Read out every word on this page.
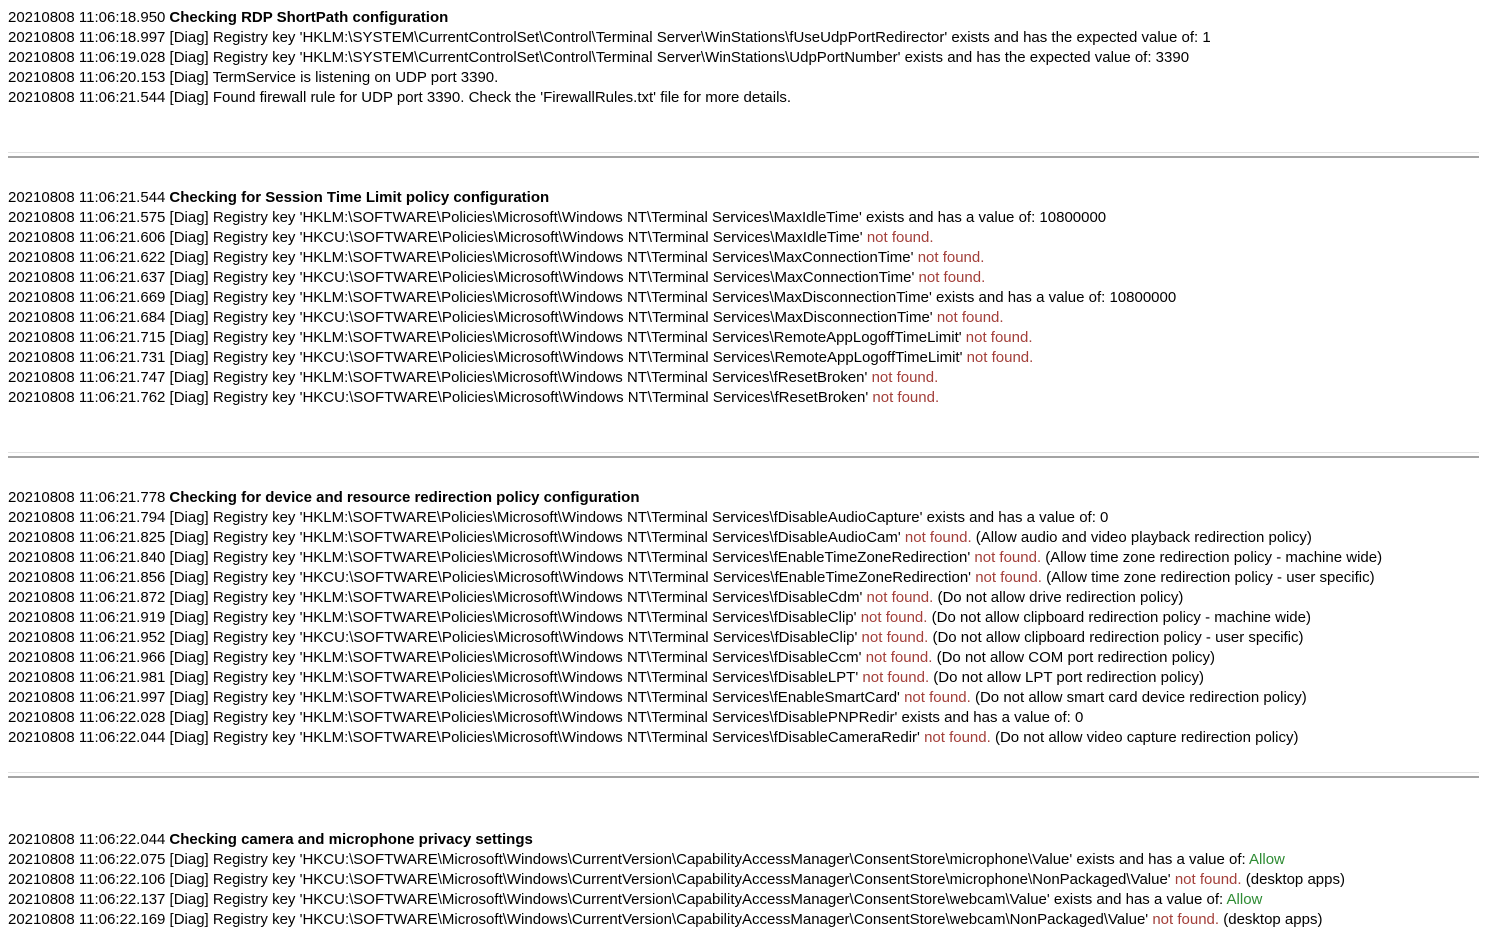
20210808 11:06:18.950 Checking RDP ShortPath configuration
20210808 11:06:18.997 [Diag] Registry key 'HKLM:\SYSTEM\CurrentControlSet\Control\Terminal Server\WinStations\fUseUdpPortRedirector' exists and has the expected value of: 1
20210808 11:06:19.028 [Diag] Registry key 'HKLM:\SYSTEM\CurrentControlSet\Control\Terminal Server\WinStations\UdpPortNumber' exists and has the expected value of: 3390
20210808 11:06:20.153 [Diag] TermService is listening on UDP port 3390.
20210808 11:06:21.544 [Diag] Found firewall rule for UDP port 3390. Check the 'FirewallRules.txt' file for more details.
20210808 11:06:21.544 Checking for Session Time Limit policy configuration
20210808 11:06:21.575 [Diag] Registry key 'HKLM:\SOFTWARE\Policies\Microsoft\Windows NT\Terminal Services\MaxIdleTime' exists and has a value of: 10800000
20210808 11:06:21.606 [Diag] Registry key 'HKCU:\SOFTWARE\Policies\Microsoft\Windows NT\Terminal Services\MaxIdleTime' not found.
20210808 11:06:21.622 [Diag] Registry key 'HKLM:\SOFTWARE\Policies\Microsoft\Windows NT\Terminal Services\MaxConnectionTime' not found.
20210808 11:06:21.637 [Diag] Registry key 'HKCU:\SOFTWARE\Policies\Microsoft\Windows NT\Terminal Services\MaxConnectionTime' not found.
20210808 11:06:21.669 [Diag] Registry key 'HKLM:\SOFTWARE\Policies\Microsoft\Windows NT\Terminal Services\MaxDisconnectionTime' exists and has a value of: 10800000
20210808 11:06:21.684 [Diag] Registry key 'HKCU:\SOFTWARE\Policies\Microsoft\Windows NT\Terminal Services\MaxDisconnectionTime' not found.
20210808 11:06:21.715 [Diag] Registry key 'HKLM:\SOFTWARE\Policies\Microsoft\Windows NT\Terminal Services\RemoteAppLogoffTimeLimit' not found.
20210808 11:06:21.731 [Diag] Registry key 'HKCU:\SOFTWARE\Policies\Microsoft\Windows NT\Terminal Services\RemoteAppLogoffTimeLimit' not found.
20210808 11:06:21.747 [Diag] Registry key 'HKLM:\SOFTWARE\Policies\Microsoft\Windows NT\Terminal Services\fResetBroken' not found.
20210808 11:06:21.762 [Diag] Registry key 'HKCU:\SOFTWARE\Policies\Microsoft\Windows NT\Terminal Services\fResetBroken' not found.
20210808 11:06:21.778 Checking for device and resource redirection policy configuration
20210808 11:06:21.794 [Diag] Registry key 'HKLM:\SOFTWARE\Policies\Microsoft\Windows NT\Terminal Services\fDisableAudioCapture' exists and has a value of: 0
20210808 11:06:21.825 [Diag] Registry key 'HKLM:\SOFTWARE\Policies\Microsoft\Windows NT\Terminal Services\fDisableAudioCam' not found. (Allow audio and video playback redirection policy)
20210808 11:06:21.840 [Diag] Registry key 'HKLM:\SOFTWARE\Policies\Microsoft\Windows NT\Terminal Services\fEnableTimeZoneRedirection' not found. (Allow time zone redirection policy - machine wide)
20210808 11:06:21.856 [Diag] Registry key 'HKCU:\SOFTWARE\Policies\Microsoft\Windows NT\Terminal Services\fEnableTimeZoneRedirection' not found. (Allow time zone redirection policy - user specific)
20210808 11:06:21.872 [Diag] Registry key 'HKLM:\SOFTWARE\Policies\Microsoft\Windows NT\Terminal Services\fDisableCdm' not found. (Do not allow drive redirection policy)
20210808 11:06:21.919 [Diag] Registry key 'HKLM:\SOFTWARE\Policies\Microsoft\Windows NT\Terminal Services\fDisableClip' not found. (Do not allow clipboard redirection policy - machine wide)
20210808 11:06:21.952 [Diag] Registry key 'HKCU:\SOFTWARE\Policies\Microsoft\Windows NT\Terminal Services\fDisableClip' not found. (Do not allow clipboard redirection policy - user specific)
20210808 11:06:21.966 [Diag] Registry key 'HKLM:\SOFTWARE\Policies\Microsoft\Windows NT\Terminal Services\fDisableCcm' not found. (Do not allow COM port redirection policy)
20210808 11:06:21.981 [Diag] Registry key 'HKLM:\SOFTWARE\Policies\Microsoft\Windows NT\Terminal Services\fDisableLPT' not found. (Do not allow LPT port redirection policy)
20210808 11:06:21.997 [Diag] Registry key 'HKLM:\SOFTWARE\Policies\Microsoft\Windows NT\Terminal Services\fEnableSmartCard' not found. (Do not allow smart card device redirection policy)
20210808 11:06:22.028 [Diag] Registry key 'HKLM:\SOFTWARE\Policies\Microsoft\Windows NT\Terminal Services\fDisablePNPRedir' exists and has a value of: 0
20210808 11:06:22.044 [Diag] Registry key 'HKLM:\SOFTWARE\Policies\Microsoft\Windows NT\Terminal Services\fDisableCameraRedir' not found. (Do not allow video capture redirection policy)
20210808 11:06:22.044 Checking camera and microphone privacy settings
20210808 11:06:22.075 [Diag] Registry key 'HKCU:\SOFTWARE\Microsoft\Windows\CurrentVersion\CapabilityAccessManager\ConsentStore\microphone\Value' exists and has a value of: Allow
20210808 11:06:22.106 [Diag] Registry key 'HKCU:\SOFTWARE\Microsoft\Windows\CurrentVersion\CapabilityAccessManager\ConsentStore\microphone\NonPackaged\Value' not found. (desktop apps)
20210808 11:06:22.137 [Diag] Registry key 'HKCU:\SOFTWARE\Microsoft\Windows\CurrentVersion\CapabilityAccessManager\ConsentStore\webcam\Value' exists and has a value of: Allow
20210808 11:06:22.169 [Diag] Registry key 'HKCU:\SOFTWARE\Microsoft\Windows\CurrentVersion\CapabilityAccessManager\ConsentStore\webcam\NonPackaged\Value' not found. (desktop apps)
